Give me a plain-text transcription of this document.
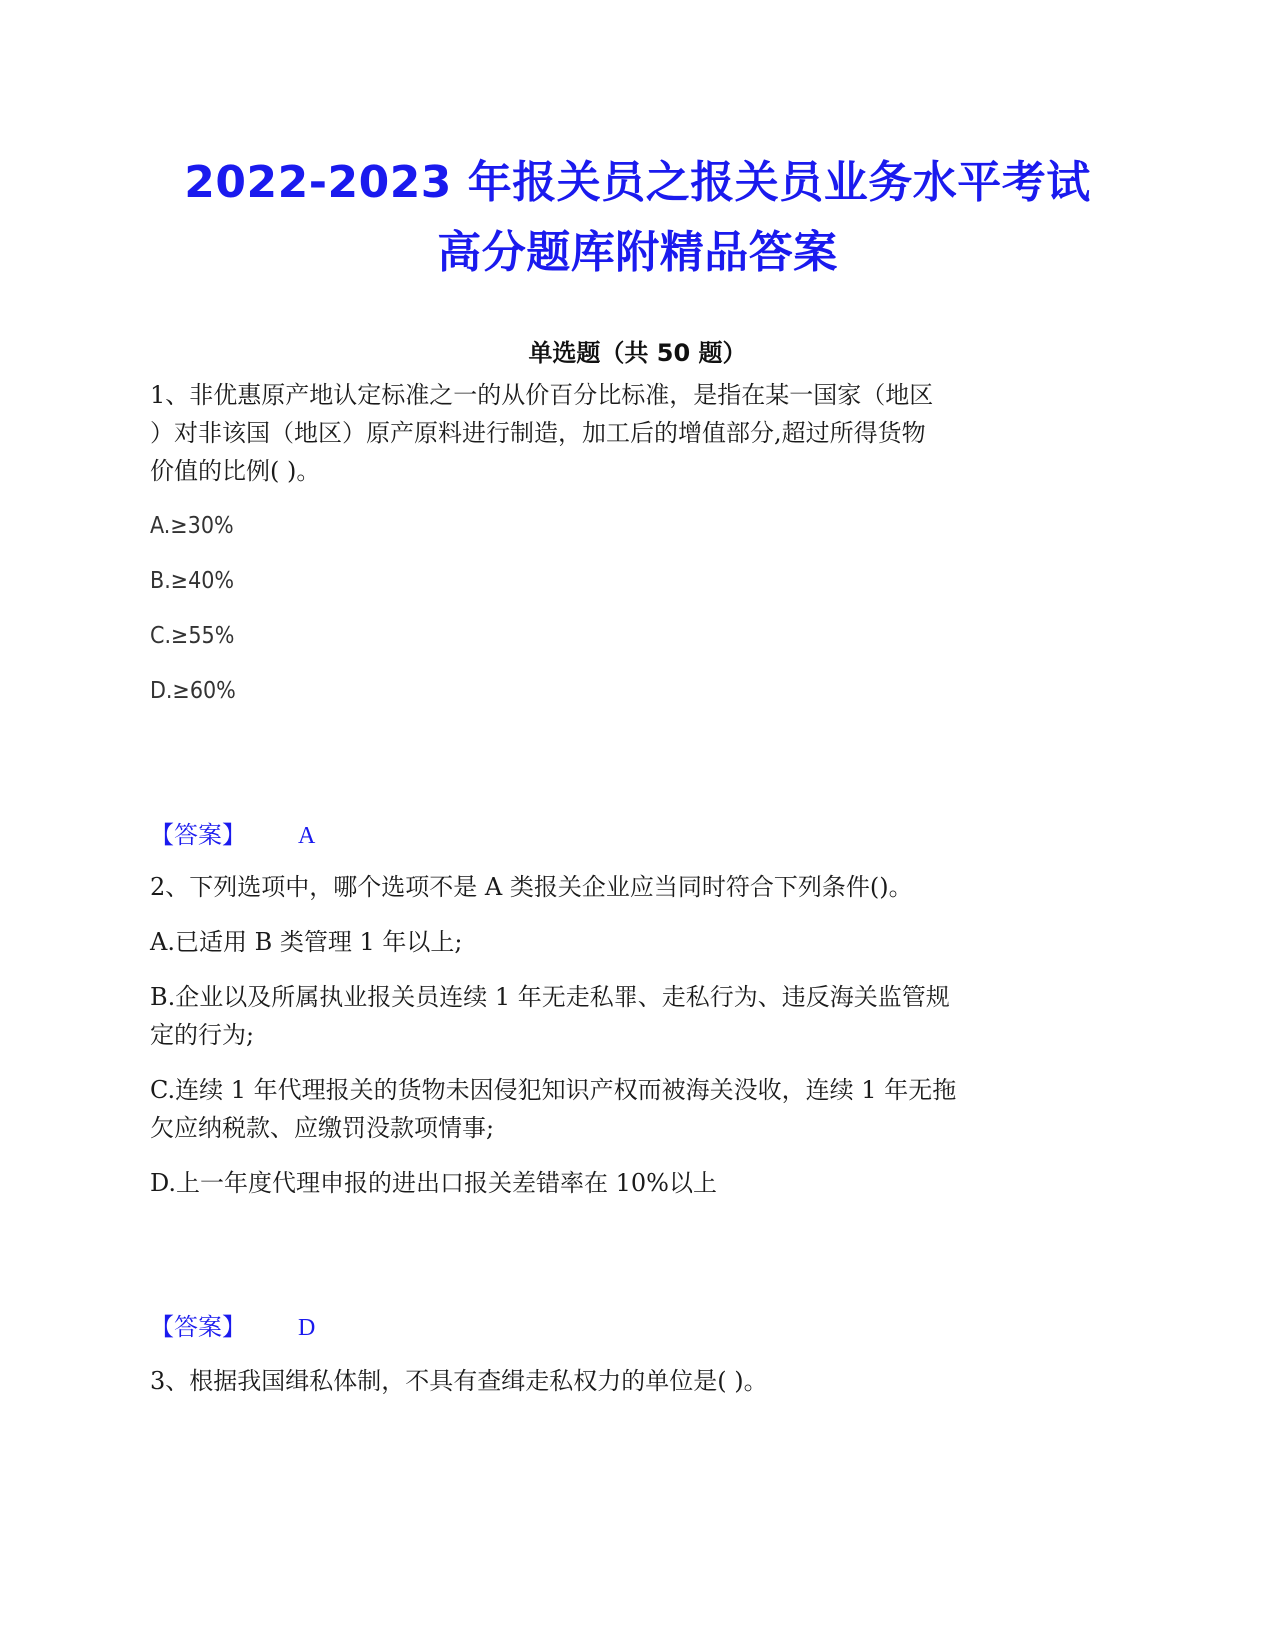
2022-2023 年报关员之报关员业务水平考试
高分题库附精品答案
单选题（共 50 题）
1、非优惠原产地认定标准之一的从价百分比标准，是指在某一国家（地区
）对非该国（地区）原产原料进行制造，加工后的增值部分,超过所得货物
价值的比例( )。
A.≥30%
B.≥40%
C.≥55%
D.≥60%
【答案】 A
2、下列选项中，哪个选项不是 A 类报关企业应当同时符合下列条件()。
A.已适用 B 类管理 1 年以上;
B.企业以及所属执业报关员连续 1 年无走私罪、走私行为、违反海关监管规
定的行为;
C.连续 1 年代理报关的货物未因侵犯知识产权而被海关没收，连续 1 年无拖
欠应纳税款、应缴罚没款项情事;
D.上一年度代理申报的进出口报关差错率在 10%以上
【答案】 D
3、根据我国缉私体制，不具有查缉走私权力的单位是( )。
